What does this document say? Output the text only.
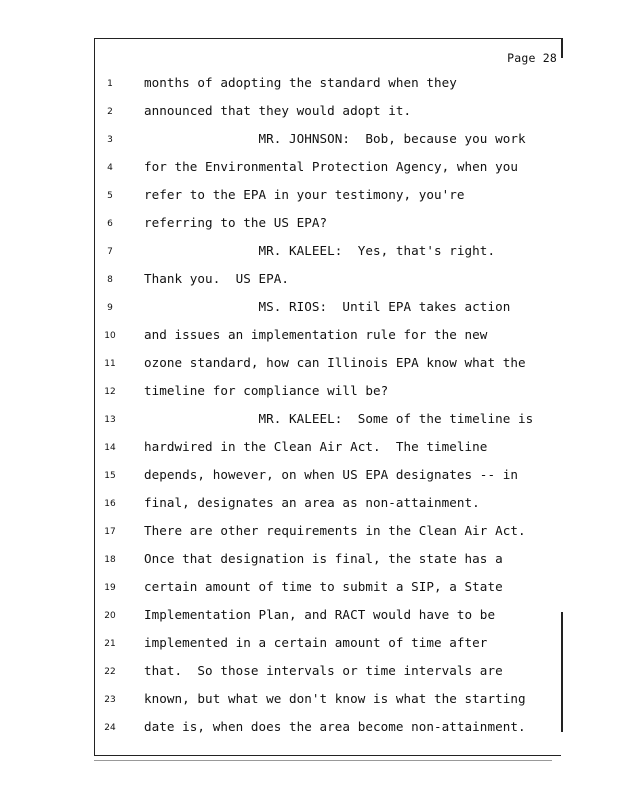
Page 28
1	months of adopting the standard when they
2	announced that they would adopt it.
3	MR. JOHNSON:  Bob, because you work
4	for the Environmental Protection Agency, when you
5	refer to the EPA in your testimony, you're
6	referring to the US EPA?
7	MR. KALEEL:  Yes, that's right.
8	Thank you.  US EPA.
9	MS. RIOS:  Until EPA takes action
10 and issues an implementation rule for the new
11 ozone standard, how can Illinois EPA know what the
12 timeline for compliance will be?
13 MR. KALEEL:  Some of the timeline is
14 hardwired in the Clean Air Act.  The timeline
15 depends, however, on when US EPA designates -- in
16 final, designates an area as non-attainment.
17 There are other requirements in the Clean Air Act.
18 Once that designation is final, the state has a
19 certain amount of time to submit a SIP, a State
20 Implementation Plan, and RACT would have to be
21 implemented in a certain amount of time after
22 that.  So those intervals or time intervals are
23 known, but what we don't know is what the starting
24 date is, when does the area become non-attainment.
